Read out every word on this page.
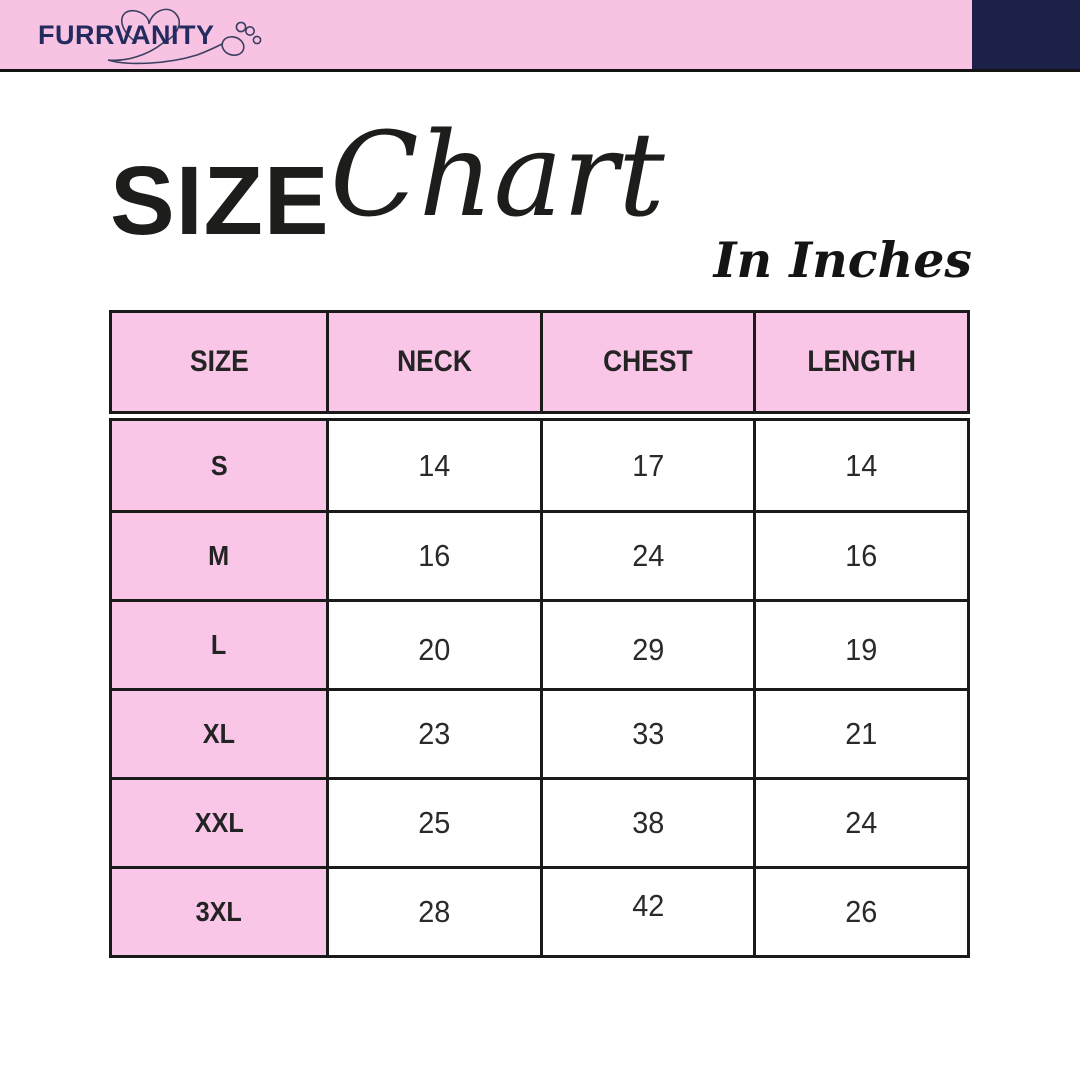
FURRVANITY
SIZE Chart
In Inches
SIZE	NECK	CHEST	LENGTH
S	14	17	14
M	16	24	16
L	20	29	19
XL	23	33	21
XXL	25	38	24
3XL	28	42	26
